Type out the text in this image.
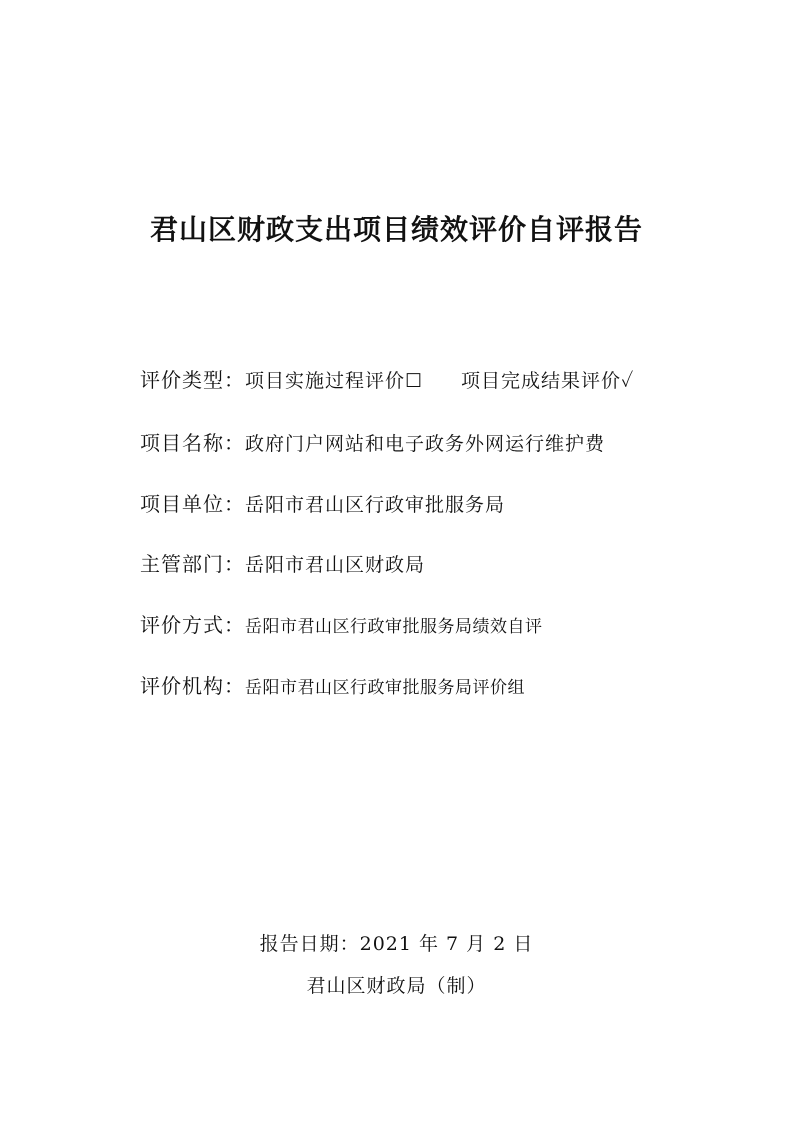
君山区财政支出项目绩效评价自评报告
评价类型：项目实施过程评价☐ 项目完成结果评价✓
项目名称：政府门户网站和电子政务外网运行维护费
项目单位：岳阳市君山区行政审批服务局
主管部门：岳阳市君山区财政局
评价方式：岳阳市君山区行政审批服务局绩效自评
评价机构：岳阳市君山区行政审批服务局评价组
报告日期：2021 年 7 月 2 日
君山区财政局（制）
